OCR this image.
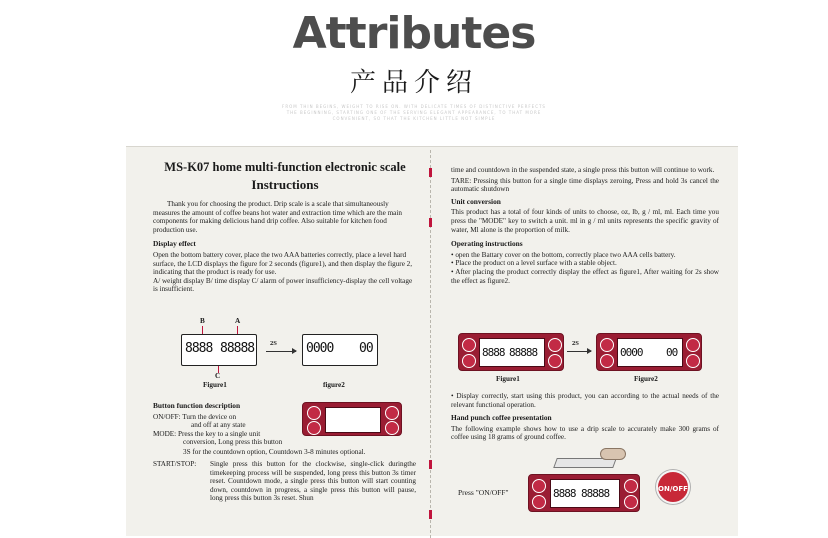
Attributes
产品介绍
FROM THIN BEGINS, WEIGHT TO RISE ON. WITH DELICATE TIMES OF DISTINCTIVE PERFECTS THE BEGINNING, STARTING ONE OF THE SERVING ELEGANT APPEARANCE, TO THAT MORE CONVENIENT, SO THAT THE KITCHEN LITTLE NOT SIMPLE
MS-K07 home multi-function electronic scale
Instructions

Thank you for choosing the product. Drip scale is a scale that simultaneously measures the amount of coffee beans hot water and extraction time which are the main components for making delicious hand drip coffee. Also suitable for kitchen food production use.

Display effect

Open the bottom battery cover, place the two AAA batteries correctly, place a level hard surface, the LCD displays the figure for 2 seconds (figure1), and then display the figure 2, indicating that the product is ready for use.

A/ weight display B/ time display C/ alarm of power insufficiency-display the cell voltage is insufficient.

B	A
8888 88888
C
2S 0000 00
Figure1	figure2
Button function description

ON/OFF: Turn the device on

and off at any state

MODE: Press the key to a single unit

conversion, Long press this button

3S for the countdown option, Countdown 3-8 minutes optional.

START/STOP:	Single press this button for the clockwise, single-click duringthe timekeeping process will be suspended, long press this button 3s timer reset. Countdown mode, a single press this button will start counting down, countdown in progress, a single press this button will pause, long press this button 3s reset. Shun

time and countdown in the suspended state, a single press this button will continue to work.

TARE: Pressing this button for a single time displays zeroing, Press and hold 3s cancel the automatic shutdown

Unit conversion

This product has a total of four kinds of units to choose, oz, lb, g / ml, ml. Each time you press the "MODE" key to switch a unit. ml in g / ml units represents the specific gravity of water, Ml alone is the proportion of milk.

Operating instructions

• open the Battary cover on the bottom, correctly place two AAA cells battery.

• Place the product on a level surface with a stable object.

• After placing the product correctly display the effect as figure1, After waiting for 2s show the effect as figure2.

8888 88888
2S
0000 00
Figure1	Figure2

• Display correctly, start using this product, you can according to the actual needs of the relevant functional operation.

Hand punch coffee presentation

The following example shows how to use a drip scale to accurately make 300 grams of coffee using 18 grams of ground coffee.

Press "ON/OFF"	8888 88888	ON/OFF
